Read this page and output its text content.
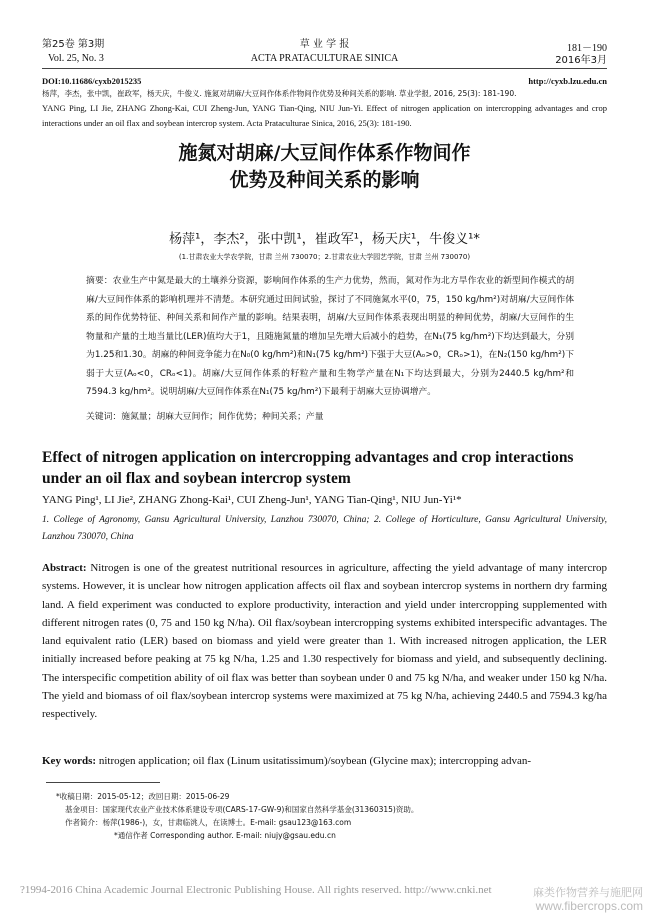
第25卷 第3期
Vol. 25, No. 3
草 业 学 报
ACTA PRATACULTURAE SINICA
181－190
2016年3月
DOI:10.11686/cyxb2015235	http://cyxb.lzu.edu.cn
杨萍，李杰，张中凯，崔政军，杨天庆，牛俊义. 施氮对胡麻/大豆间作体系作物间作优势及种间关系的影响. 草业学报, 2016, 25(3): 181-190.
YANG Ping, LI Jie, ZHANG Zhong-Kai, CUI Zheng-Jun, YANG Tian-Qing, NIU Jun-Yi. Effect of nitrogen application on intercropping advantages and crop interactions under an oil flax and soybean intercrop system. Acta Prataculturae Sinica, 2016, 25(3): 181-190.
施氮对胡麻/大豆间作体系作物间作
优势及种间关系的影响
杨萍¹，李杰²，张中凯¹，崔政军¹，杨天庆¹，牛俊义¹*
(1.甘肃农业大学农学院，甘肃 兰州 730070；2.甘肃农业大学园艺学院，甘肃 兰州 730070)
摘要：农业生产中氮是最大的土壤养分资源，影响间作体系的生产力优势，然而，氮对作为北方旱作农业的新型间作模式的胡麻/大豆间作体系的影响机理并不清楚。本研究通过田间试验，探讨了不同施氮水平(0，75，150 kg/hm²)对胡麻/大豆间作体系的间作优势特征、种间关系和间作产量的影响。结果表明，胡麻/大豆间作体系表现出明显的种间优势，胡麻/大豆间作的生物量和产量的土地当量比(LER)值均大于1，且随施氮量的增加呈先增大后减小的趋势，在N₁(75 kg/hm²)下均达到最大，分别为1.25和1.30。胡麻的种间竞争能力在N₀(0 kg/hm²)和N₁(75 kg/hm²)下强于大豆(Aₒ>0，CRₒ>1)，在N₂(150 kg/hm²)下弱于大豆(Aₒ<0，CRₒ<1)。胡麻/大豆间作体系的籽粒产量和生物学产量在N₁下均达到最大，分别为2440.5 kg/hm²和7594.3 kg/hm²。说明胡麻/大豆间作体系在N₁(75 kg/hm²)下最利于胡麻大豆协调增产。
关键词：施氮量；胡麻大豆间作；间作优势；种间关系；产量
Effect of nitrogen application on intercropping advantages and crop interactions under an oil flax and soybean intercrop system
YANG Ping¹, LI Jie², ZHANG Zhong-Kai¹, CUI Zheng-Jun¹, YANG Tian-Qing¹, NIU Jun-Yi¹*
1. College of Agronomy, Gansu Agricultural University, Lanzhou 730070, China; 2. College of Horticulture, Gansu Agricultural University, Lanzhou 730070, China
Abstract: Nitrogen is one of the greatest nutritional resources in agriculture, affecting the yield advantage of many intercrop systems. However, it is unclear how nitrogen application affects oil flax and soybean intercrop systems in northern dry farming land. A field experiment was conducted to explore productivity, interaction and yield under intercropping supplemented with different nitrogen rates (0, 75 and 150 kg N/ha). Oil flax/soybean intercropping systems exhibited interspecific advantages. The land equivalent ratio (LER) based on biomass and yield were greater than 1. With increased nitrogen application, the LER initially increased before peaking at 75 kg N/ha, 1.25 and 1.30 respectively for biomass and yield, and subsequently declining. The interspecific competition ability of oil flax was better than soybean under 0 and 75 kg N/ha, and weaker under 150 kg N/ha. The yield and biomass of oil flax/soybean intercrop systems were maximized at 75 kg N/ha, achieving 2440.5 and 7594.3 kg/ha respectively.
Key words: nitrogen application; oil flax (Linum usitatissimum)/soybean (Glycine max); intercropping advan-
*收稿日期：2015-05-12；改回日期：2015-06-29
基金项目：国家现代农业产业技术体系建设专项(CARS-17-GW-9)和国家自然科学基金(31360315)资助。
作者简介：杨萍(1986-)，女，甘肃临洮人，在读博士。E-mail: gsau123@163.com
*通信作者 Corresponding author. E-mail: niujy@gsau.edu.cn
?1994-2016 China Academic Journal Electronic Publishing House. All rights reserved. http://www.cnki.net	麻类作物营养与施肥网
www.fibercrops.com
